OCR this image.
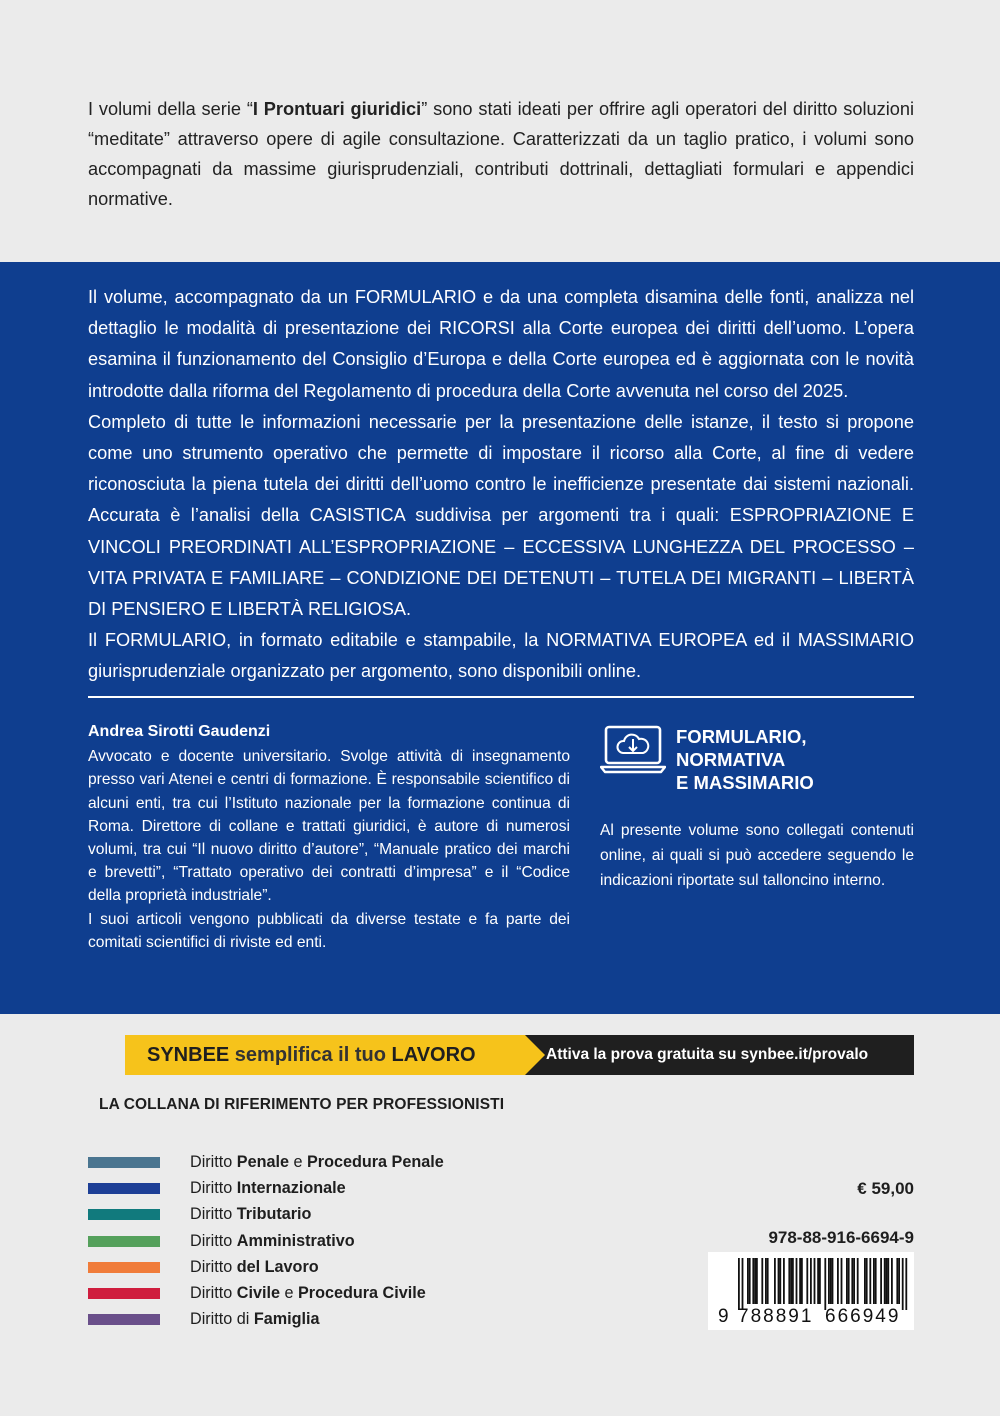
I volumi della serie “I Prontuari giuridici” sono stati ideati per offrire agli operatori del diritto soluzioni “meditate” attraverso opere di agile consultazione. Caratterizzati da un taglio pratico, i volumi sono accompagnati da massime giurisprudenziali, contributi dottrinali, dettagliati formulari e appendici normative.

Il volume, accompagnato da un FORMULARIO e da una completa disamina delle fonti, analizza nel dettaglio le modalità di presentazione dei RICORSI alla Corte europea dei diritti dell’uomo. L’opera esamina il funzionamento del Consiglio d’Europa e della Corte europea ed è aggiornata con le novità introdotte dalla riforma del Regolamento di procedura della Corte avvenuta nel corso del 2025.

Completo di tutte le informazioni necessarie per la presentazione delle istanze, il testo si propone come uno strumento operativo che permette di impostare il ricorso alla Corte, al fine di vedere riconosciuta la piena tutela dei diritti dell’uomo contro le inefficienze presentate dai sistemi nazionali. Accurata è l’analisi della CASISTICA suddivisa per argomenti tra i quali: ESPROPRIAZIONE E VINCOLI PREORDINATI ALL’ESPROPRIAZIONE – ECCESSIVA LUNGHEZZA DEL PROCESSO – VITA PRIVATA E FAMILIARE – CONDIZIONE DEI DETENUTI – TUTELA DEI MIGRANTI – LIBERTÀ DI PENSIERO E LIBERTÀ RELIGIOSA.

Il FORMULARIO, in formato editabile e stampabile, la NORMATIVA EUROPEA ed il MASSIMARIO giurisprudenziale organizzato per argomento, sono disponibili online.

Andrea Sirotti Gaudenzi

Avvocato e docente universitario. Svolge attività di insegnamento presso vari Atenei e centri di formazione. È responsabile scientifico di alcuni enti, tra cui l’Istituto nazionale per la formazione continua di Roma. Direttore di collane e trattati giuridici, è autore di numerosi volumi, tra cui “Il nuovo diritto d’autore”, “Manuale pratico dei marchi e brevetti”, “Trattato operativo dei contratti d’impresa” e il “Codice della proprietà industriale”.

I suoi articoli vengono pubblicati da diverse testate e fa parte dei comitati scientifici di riviste ed enti.

FORMULARIO, NORMATIVA
E MASSIMARIO
Al presente volume sono collegati contenuti online, ai quali si può accedere seguendo le indicazioni riportate sul talloncino interno.
SYNBEE semplifica il tuo LAVORO	Attiva la prova gratuita su synbee.it/provalo
LA COLLANA DI RIFERIMENTO PER PROFESSIONISTI
Diritto Penale e Procedura Penale
Diritto Internazionale
Diritto Tributario
Diritto Amministrativo
Diritto del Lavoro
Diritto Civile e Procedura Civile
Diritto di Famiglia
€ 59,00
978-88-916-6694-9
9 788891 666949
